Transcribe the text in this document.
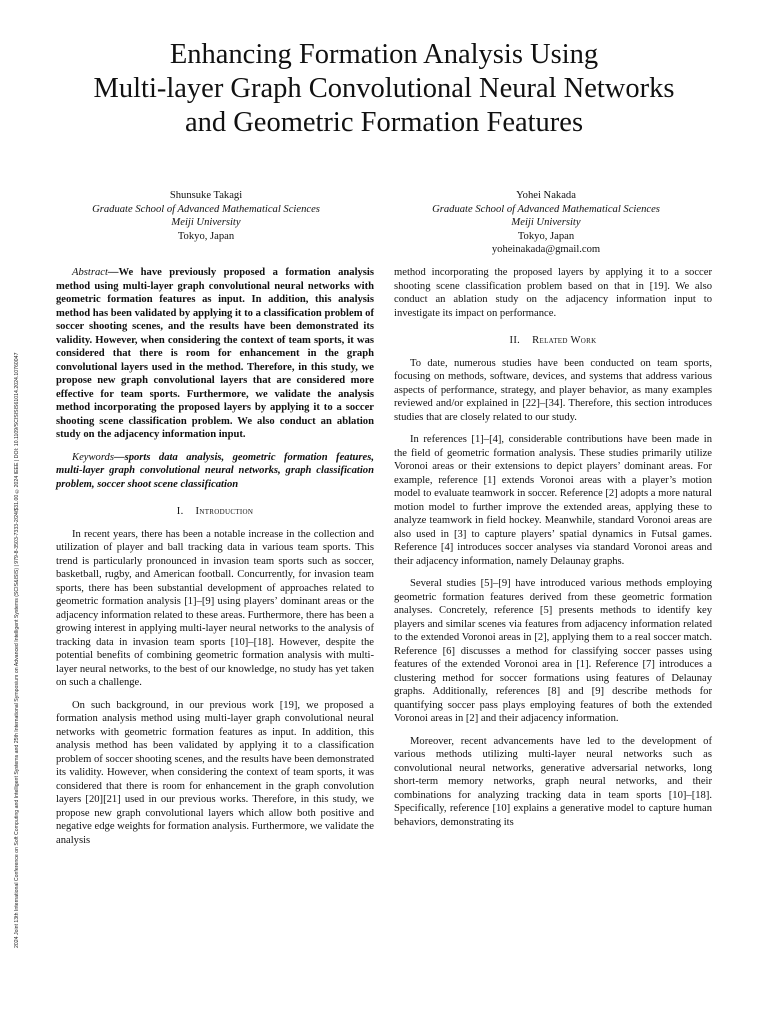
2024 Joint 13th International Conference on Soft Computing and Intelligent Systems and 25th International Symposium on Advanced Intelligent Systems (SCIS&ISIS) | 979-8-3503-7333-2/24/$31.00 ©2024 IEEE | DOI: 10.1109/SCISISIS61014.2024.10760047
Enhancing Formation Analysis Using
Multi-layer Graph Convolutional Neural Networks
and Geometric Formation Features
Shunsuke Takagi
Graduate School of Advanced Mathematical Sciences
Meiji University
Tokyo, Japan
Yohei Nakada
Graduate School of Advanced Mathematical Sciences
Meiji University
Tokyo, Japan
yoheinakada@gmail.com

Abstract—We have previously proposed a formation analysis method using multi-layer graph convolutional neural networks with geometric formation features as input. In addition, this analysis method has been validated by applying it to a classification problem of soccer shooting scenes, and the results have been demonstrated its validity. However, when considering the context of team sports, it was considered that there is room for enhancement in the graph convolutional layers used in the method. Therefore, in this study, we propose new graph convolutional layers that are considered more effective for team sports. Furthermore, we validate the analysis method incorporating the proposed layers by applying it to a soccer shooting scene classification problem. We also conduct an ablation study on the adjacency information input.

Keywords—sports data analysis, geometric formation features, multi-layer graph convolutional neural networks, graph classification problem, soccer shoot scene classification

I. Introduction

In recent years, there has been a notable increase in the collection and utilization of player and ball tracking data in various team sports. This trend is particularly pronounced in invasion team sports such as soccer, basketball, rugby, and American football. Concurrently, for invasion team sports, there has been substantial development of approaches related to geometric formation analysis [1]–[9] using players’ dominant areas or the adjacency information related to these areas. Furthermore, there has been a growing interest in applying multi-layer neural networks to the analysis of tracking data in invasion team sports [10]–[18]. However, despite the potential benefits of combining geometric formation analysis with multi-layer neural networks, to the best of our knowledge, no study has yet taken on such a challenge.

On such background, in our previous work [19], we proposed a formation analysis method using multi-layer graph convolutional neural networks with geometric formation features as input. In addition, this analysis method has been validated by applying it to a classification problem of soccer shooting scenes, and the results have been demonstrated its validity. However, when considering the context of team sports, it was considered that there is room for enhancement in the graph convolution layers [20][21] used in our previous works. Therefore, in this study, we propose new graph convolutional layers which allow both positive and negative edge weights for formation analysis. Furthermore, we validate the analysis

method incorporating the proposed layers by applying it to a soccer shooting scene classification problem based on that in [19]. We also conduct an ablation study on the adjacency information input to investigate its impact on performance.

II. Related Work

To date, numerous studies have been conducted on team sports, focusing on methods, software, devices, and systems that address various aspects of performance, strategy, and player behavior, as many examples reviewed and/or explained in [22]–[34]. Therefore, this section introduces studies that are closely related to our study.

In references [1]–[4], considerable contributions have been made in the field of geometric formation analysis. These studies primarily utilize Voronoi areas or their extensions to depict players’ dominant areas. For example, reference [1] extends Voronoi areas with a player’s motion model to evaluate teamwork in soccer. Reference [2] adopts a more natural motion model to further improve the extended areas, applying these to analyze teamwork in field hockey. Meanwhile, standard Voronoi areas are also used in [3] to capture players’ spatial dynamics in Futsal games. Reference [4] introduces soccer analyses via standard Voronoi areas and their adjacency information, namely Delaunay graphs.

Several studies [5]–[9] have introduced various methods employing geometric formation features derived from these geometric formation analyses. Concretely, reference [5] presents methods to identify key players and similar scenes via features from adjacency information related to the extended Voronoi areas in [2], applying them to a real soccer match. Reference [6] discusses a method for classifying soccer passes using features of the extended Voronoi area in [1]. Reference [7] introduces a clustering method for soccer formations using features of Delaunay graphs. Additionally, references [8] and [9] describe methods for quantifying soccer pass plays employing features of both the extended Voronoi areas in [2] and their adjacency information.

Moreover, recent advancements have led to the development of various methods utilizing multi-layer neural networks such as convolutional neural networks, generative adversarial networks, long short-term memory networks, graph neural networks, and their combinations for analyzing tracking data in team sports [10]–[18]. Specifically, reference [10] explains a generative model to capture human behaviors, demonstrating its
